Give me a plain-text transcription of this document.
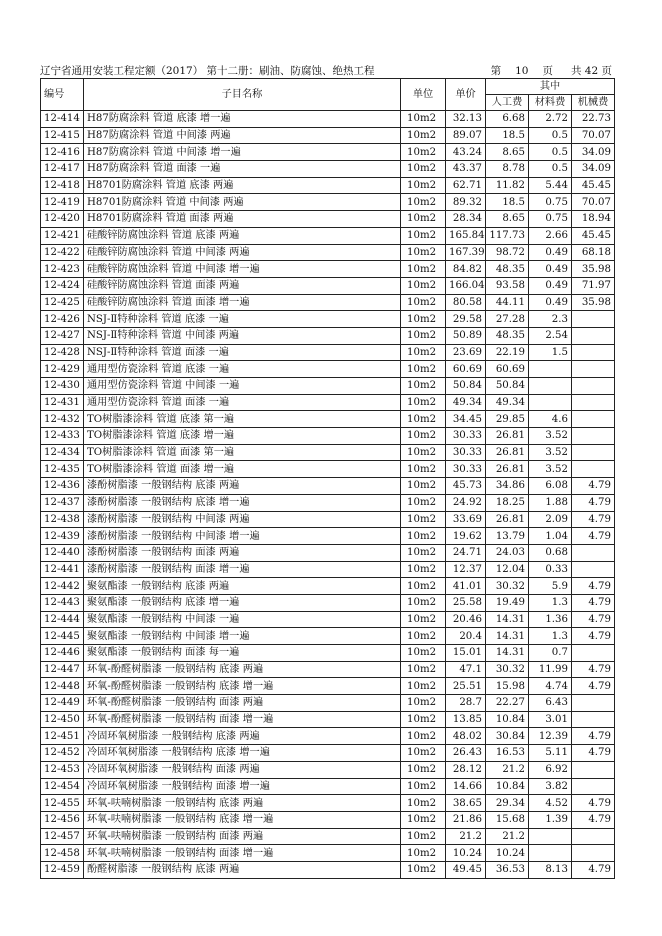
辽宁省通用安装工程定额（2017） 第十二册：刷油、防腐蚀、绝热工程	第 10 页 共 42 页
编号	子目名称	单位	单价	其中		
				人工费	材料费	机械费
12-414	H87防腐涂料 管道 底漆 增一遍	10m2	32.13	6.68	2.72	22.73
12-415	H87防腐涂料 管道 中间漆 两遍	10m2	89.07	18.5	0.5	70.07
12-416	H87防腐涂料 管道 中间漆 增一遍	10m2	43.24	8.65	0.5	34.09
12-417	H87防腐涂料 管道 面漆 一遍	10m2	43.37	8.78	0.5	34.09
12-418	H8701防腐涂料 管道 底漆 两遍	10m2	62.71	11.82	5.44	45.45
12-419	H8701防腐涂料 管道 中间漆 两遍	10m2	89.32	18.5	0.75	70.07
12-420	H8701防腐涂料 管道 面漆 两遍	10m2	28.34	8.65	0.75	18.94
12-421	硅酸锌防腐蚀涂料 管道 底漆 两遍	10m2	165.84	117.73	2.66	45.45
12-422	硅酸锌防腐蚀涂料 管道 中间漆 两遍	10m2	167.39	98.72	0.49	68.18
12-423	硅酸锌防腐蚀涂料 管道 中间漆 增一遍	10m2	84.82	48.35	0.49	35.98
12-424	硅酸锌防腐蚀涂料 管道 面漆 两遍	10m2	166.04	93.58	0.49	71.97
12-425	硅酸锌防腐蚀涂料 管道 面漆 增一遍	10m2	80.58	44.11	0.49	35.98
12-426	NSJ-Ⅱ特种涂料 管道 底漆 一遍	10m2	29.58	27.28	2.3	
12-427	NSJ-Ⅱ特种涂料 管道 中间漆 两遍	10m2	50.89	48.35	2.54	
12-428	NSJ-Ⅱ特种涂料 管道 面漆 一遍	10m2	23.69	22.19	1.5	
12-429	通用型仿瓷涂料 管道 底漆 一遍	10m2	60.69	60.69		
12-430	通用型仿瓷涂料 管道 中间漆 一遍	10m2	50.84	50.84		
12-431	通用型仿瓷涂料 管道 面漆 一遍	10m2	49.34	49.34		
12-432	TO树脂漆涂料 管道 底漆 第一遍	10m2	34.45	29.85	4.6	
12-433	TO树脂漆涂料 管道 底漆 增一遍	10m2	30.33	26.81	3.52	
12-434	TO树脂漆涂料 管道 面漆 第一遍	10m2	30.33	26.81	3.52	
12-435	TO树脂漆涂料 管道 面漆 增一遍	10m2	30.33	26.81	3.52	
12-436	漆酚树脂漆 一般钢结构 底漆 两遍	10m2	45.73	34.86	6.08	4.79
12-437	漆酚树脂漆 一般钢结构 底漆 增一遍	10m2	24.92	18.25	1.88	4.79
12-438	漆酚树脂漆 一般钢结构 中间漆 两遍	10m2	33.69	26.81	2.09	4.79
12-439	漆酚树脂漆 一般钢结构 中间漆 增一遍	10m2	19.62	13.79	1.04	4.79
12-440	漆酚树脂漆 一般钢结构 面漆 两遍	10m2	24.71	24.03	0.68	
12-441	漆酚树脂漆 一般钢结构 面漆 增一遍	10m2	12.37	12.04	0.33	
12-442	聚氨酯漆 一般钢结构 底漆 两遍	10m2	41.01	30.32	5.9	4.79
12-443	聚氨酯漆 一般钢结构 底漆 增一遍	10m2	25.58	19.49	1.3	4.79
12-444	聚氨酯漆 一般钢结构 中间漆 一遍	10m2	20.46	14.31	1.36	4.79
12-445	聚氨酯漆 一般钢结构 中间漆 增一遍	10m2	20.4	14.31	1.3	4.79
12-446	聚氨酯漆 一般钢结构 面漆 每一遍	10m2	15.01	14.31	0.7	
12-447	环氧-酚醛树脂漆 一般钢结构 底漆 两遍	10m2	47.1	30.32	11.99	4.79
12-448	环氧-酚醛树脂漆 一般钢结构 底漆 增一遍	10m2	25.51	15.98	4.74	4.79
12-449	环氧-酚醛树脂漆 一般钢结构 面漆 两遍	10m2	28.7	22.27	6.43	
12-450	环氧-酚醛树脂漆 一般钢结构 面漆 增一遍	10m2	13.85	10.84	3.01	
12-451	冷固环氧树脂漆 一般钢结构 底漆 两遍	10m2	48.02	30.84	12.39	4.79
12-452	冷固环氧树脂漆 一般钢结构 底漆 增一遍	10m2	26.43	16.53	5.11	4.79
12-453	冷固环氧树脂漆 一般钢结构 面漆 两遍	10m2	28.12	21.2	6.92	
12-454	冷固环氧树脂漆 一般钢结构 面漆 增一遍	10m2	14.66	10.84	3.82	
12-455	环氧-呋喃树脂漆 一般钢结构 底漆 两遍	10m2	38.65	29.34	4.52	4.79
12-456	环氧-呋喃树脂漆 一般钢结构 底漆 增一遍	10m2	21.86	15.68	1.39	4.79
12-457	环氧-呋喃树脂漆 一般钢结构 面漆 两遍	10m2	21.2	21.2		
12-458	环氧-呋喃树脂漆 一般钢结构 面漆 增一遍	10m2	10.24	10.24		
12-459	酚醛树脂漆 一般钢结构 底漆 两遍	10m2	49.45	36.53	8.13	4.79
